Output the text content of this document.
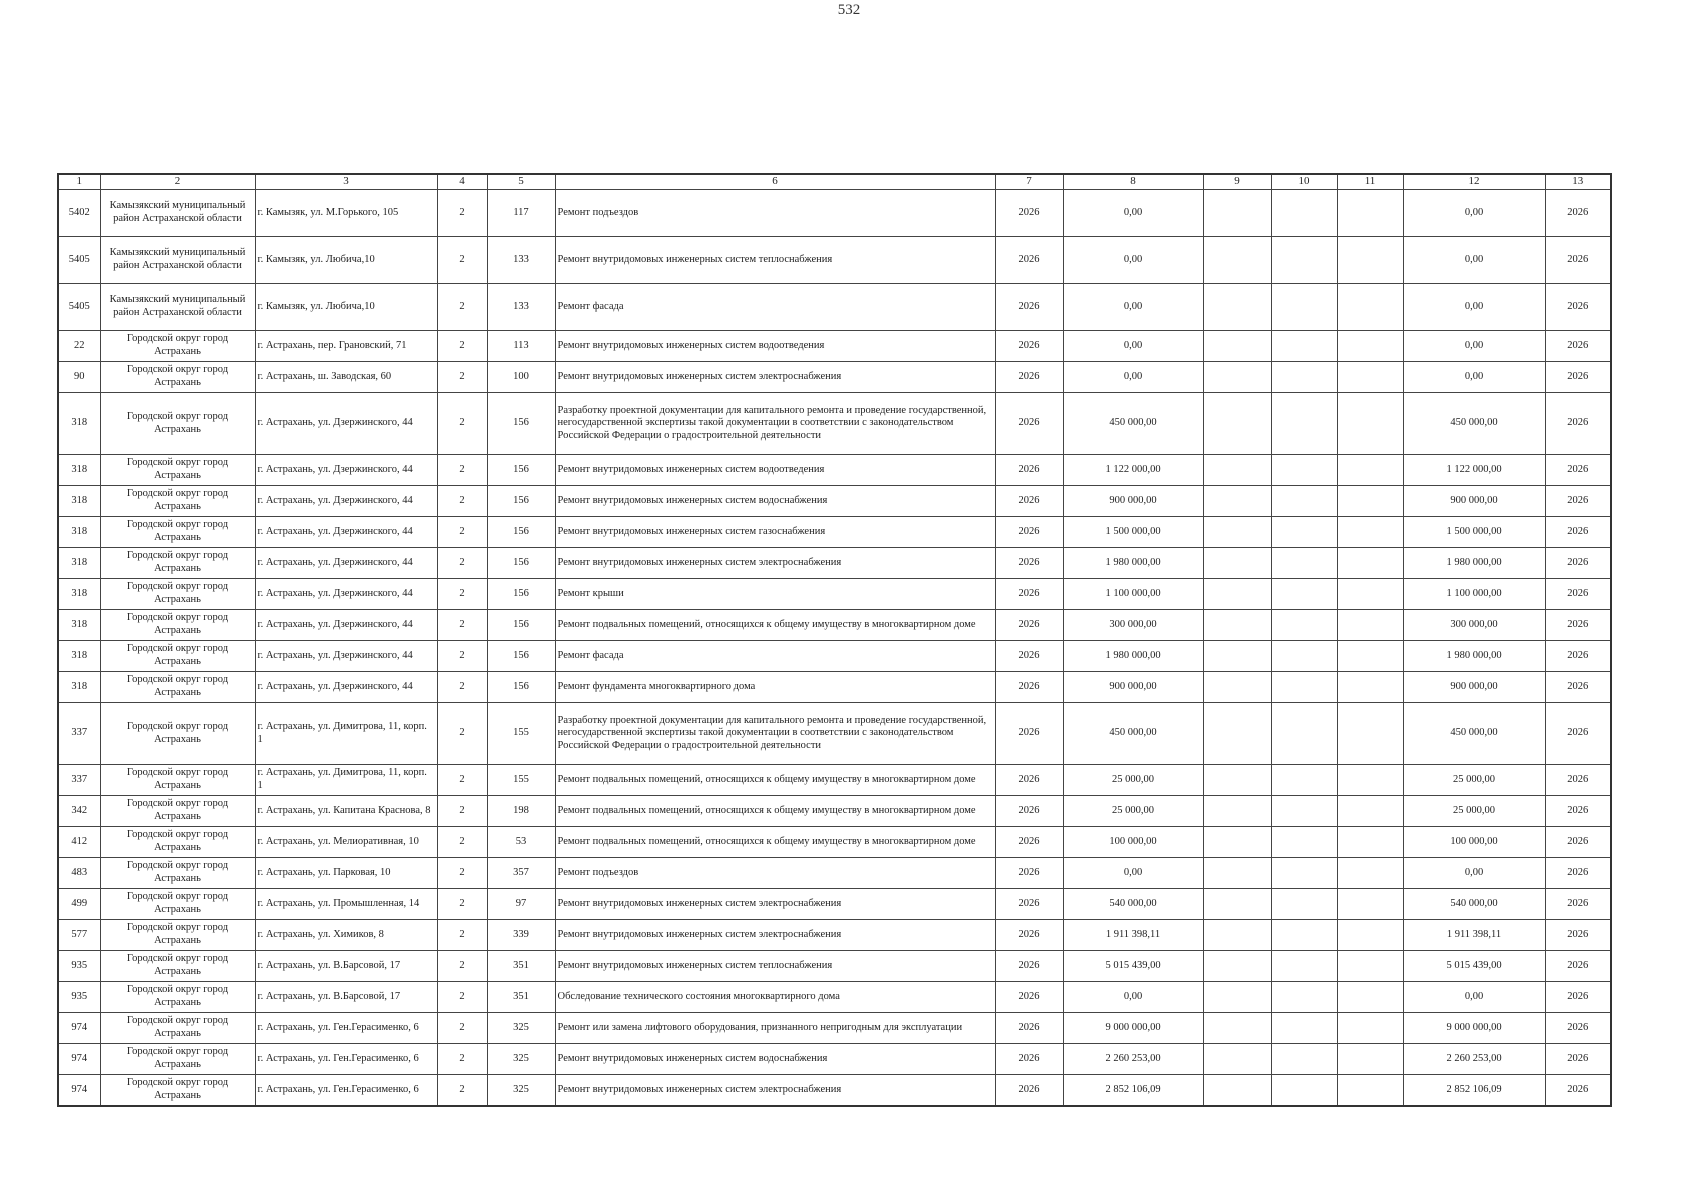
532
1	2	3	4	5	6	7	8	9	10	11	12	13
5402	Камызякский муниципальный район Астраханской области	г. Камызяк, ул. М.Горького, 105	2	117	Ремонт подъездов	2026	0,00				0,00	2026
5405	Камызякский муниципальный район Астраханской области	г. Камызяк, ул. Любича,10	2	133	Ремонт внутридомовых инженерных систем теплоснабжения	2026	0,00				0,00	2026
5405	Камызякский муниципальный район Астраханской области	г. Камызяк, ул. Любича,10	2	133	Ремонт фасада	2026	0,00				0,00	2026
22	Городской округ город Астрахань	г. Астрахань, пер. Грановский, 71	2	113	Ремонт внутридомовых инженерных систем водоотведения	2026	0,00				0,00	2026
90	Городской округ город Астрахань	г. Астрахань, ш. Заводская, 60	2	100	Ремонт внутридомовых инженерных систем электроснабжения	2026	0,00				0,00	2026
318	Городской округ город Астрахань	г. Астрахань, ул. Дзержинского, 44	2	156	Разработку проектной документации для капитального ремонта и проведение государственной, негосударственной экспертизы такой документации в соответствии с законодательством Российской Федерации о градостроительной деятельности	2026	450 000,00				450 000,00	2026
318	Городской округ город Астрахань	г. Астрахань, ул. Дзержинского, 44	2	156	Ремонт внутридомовых инженерных систем водоотведения	2026	1 122 000,00				1 122 000,00	2026
318	Городской округ город Астрахань	г. Астрахань, ул. Дзержинского, 44	2	156	Ремонт внутридомовых инженерных систем водоснабжения	2026	900 000,00				900 000,00	2026
318	Городской округ город Астрахань	г. Астрахань, ул. Дзержинского, 44	2	156	Ремонт внутридомовых инженерных систем газоснабжения	2026	1 500 000,00				1 500 000,00	2026
318	Городской округ город Астрахань	г. Астрахань, ул. Дзержинского, 44	2	156	Ремонт внутридомовых инженерных систем электроснабжения	2026	1 980 000,00				1 980 000,00	2026
318	Городской округ город Астрахань	г. Астрахань, ул. Дзержинского, 44	2	156	Ремонт крыши	2026	1 100 000,00				1 100 000,00	2026
318	Городской округ город Астрахань	г. Астрахань, ул. Дзержинского, 44	2	156	Ремонт подвальных помещений, относящихся к общему имуществу в многоквартирном доме	2026	300 000,00				300 000,00	2026
318	Городской округ город Астрахань	г. Астрахань, ул. Дзержинского, 44	2	156	Ремонт фасада	2026	1 980 000,00				1 980 000,00	2026
318	Городской округ город Астрахань	г. Астрахань, ул. Дзержинского, 44	2	156	Ремонт фундамента многоквартирного дома	2026	900 000,00				900 000,00	2026
337	Городской округ город Астрахань	г. Астрахань, ул. Димитрова, 11, корп. 1	2	155	Разработку проектной документации для капитального ремонта и проведение государственной, негосударственной экспертизы такой документации в соответствии с законодательством Российской Федерации о градостроительной деятельности	2026	450 000,00				450 000,00	2026
337	Городской округ город Астрахань	г. Астрахань, ул. Димитрова, 11, корп. 1	2	155	Ремонт подвальных помещений, относящихся к общему имуществу в многоквартирном доме	2026	25 000,00				25 000,00	2026
342	Городской округ город Астрахань	г. Астрахань, ул. Капитана Краснова, 8	2	198	Ремонт подвальных помещений, относящихся к общему имуществу в многоквартирном доме	2026	25 000,00				25 000,00	2026
412	Городской округ город Астрахань	г. Астрахань, ул. Мелиоративная, 10	2	53	Ремонт подвальных помещений, относящихся к общему имуществу в многоквартирном доме	2026	100 000,00				100 000,00	2026
483	Городской округ город Астрахань	г. Астрахань, ул. Парковая, 10	2	357	Ремонт подъездов	2026	0,00				0,00	2026
499	Городской округ город Астрахань	г. Астрахань, ул. Промышленная, 14	2	97	Ремонт внутридомовых инженерных систем электроснабжения	2026	540 000,00				540 000,00	2026
577	Городской округ город Астрахань	г. Астрахань, ул. Химиков, 8	2	339	Ремонт внутридомовых инженерных систем электроснабжения	2026	1 911 398,11				1 911 398,11	2026
935	Городской округ город Астрахань	г. Астрахань, ул. В.Барсовой, 17	2	351	Ремонт внутридомовых инженерных систем теплоснабжения	2026	5 015 439,00				5 015 439,00	2026
935	Городской округ город Астрахань	г. Астрахань, ул. В.Барсовой, 17	2	351	Обследование технического состояния многоквартирного дома	2026	0,00				0,00	2026
974	Городской округ город Астрахань	г. Астрахань, ул. Ген.Герасименко, 6	2	325	Ремонт или замена лифтового оборудования, признанного непригодным для эксплуатации	2026	9 000 000,00				9 000 000,00	2026
974	Городской округ город Астрахань	г. Астрахань, ул. Ген.Герасименко, 6	2	325	Ремонт внутридомовых инженерных систем водоснабжения	2026	2 260 253,00				2 260 253,00	2026
974	Городской округ город Астрахань	г. Астрахань, ул. Ген.Герасименко, 6	2	325	Ремонт внутридомовых инженерных систем электроснабжения	2026	2 852 106,09				2 852 106,09	2026
